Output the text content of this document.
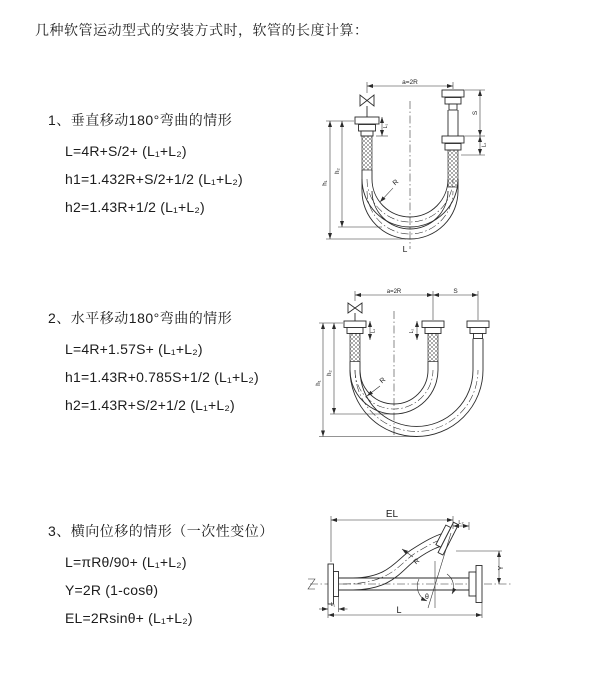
几种软管运动型式的安装方式时，软管的长度计算：
1、垂直移动180°弯曲的情形
L=4R+S/2+ (L₁+L₂)
h1=1.432R+S/2+1/2 (L₁+L₂)
h2=1.43R+1/2 (L₁+L₂)
2、水平移动180°弯曲的情形
L=4R+1.57S+ (L₁+L₂)
h1=1.43R+0.785S+1/2 (L₁+L₂)
h2=1.43R+S/2+1/2 (L₁+L₂)
3、横向位移的情形（一次性变位）
L=πRθ/90+ (L₁+L₂)
Y=2R (1-cosθ)
EL=2Rsinθ+ (L₁+L₂)
a=2R
h₁
h₂
L₁
S
L₂
R
L
a=2R	S
h₁
h₂
L₁	L₂
R
EL
L₂
Y
θ
R
L₁	L
